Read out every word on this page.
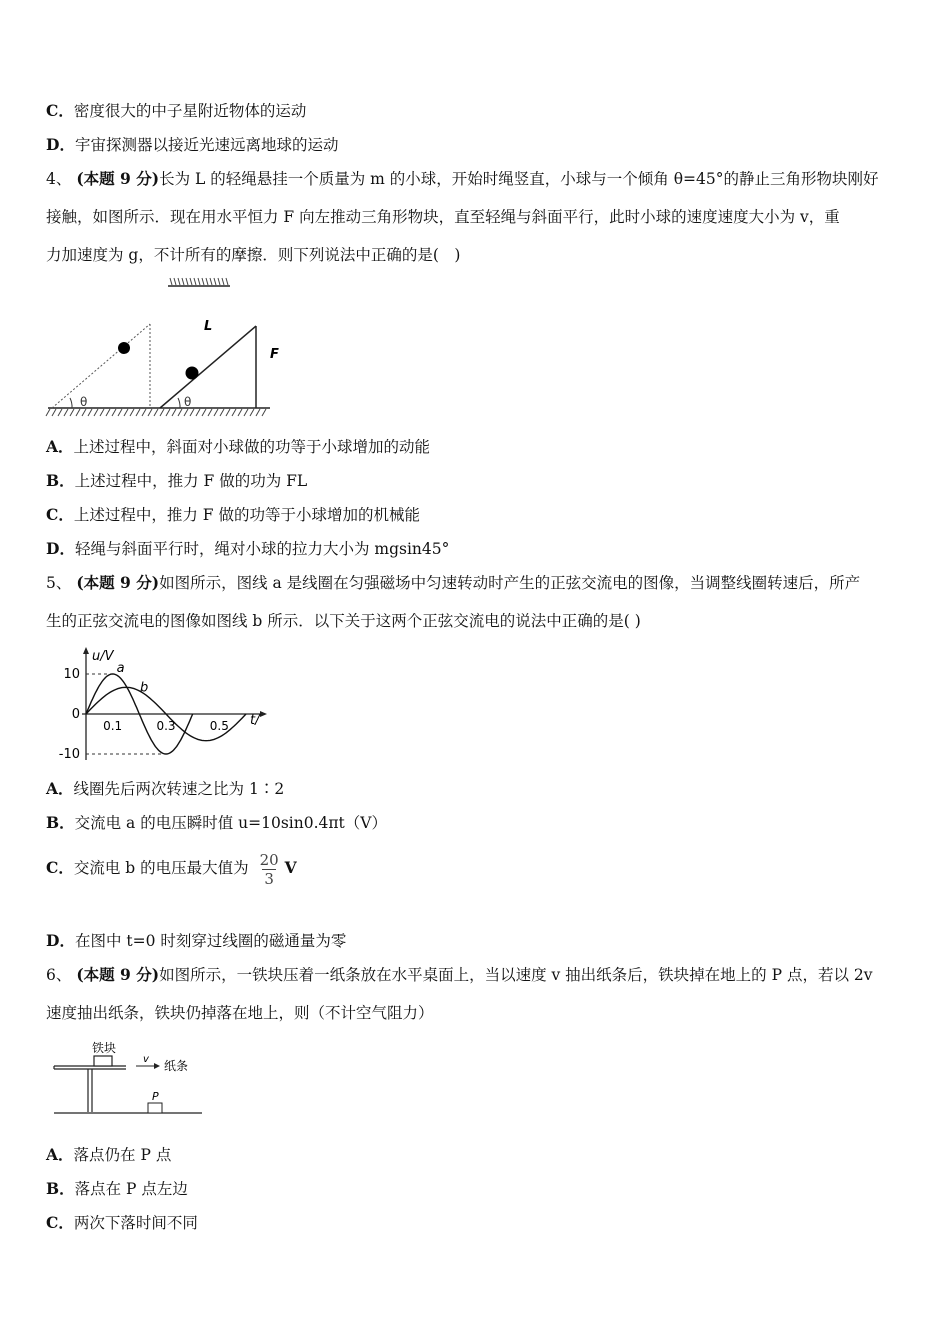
C．密度很大的中子星附近物体的运动
D．宇宙探测器以接近光速远离地球的运动
4、 (本题 9 分)长为 L 的轻绳悬挂一个质量为 m 的小球，开始时绳竖直，小球与一个倾角 θ=45°的静止三角形物块刚好
接触，如图所示．现在用水平恒力 F 向左推动三角形物块，直至轻绳与斜面平行，此时小球的速度速度大小为 v，重
力加速度为 g，不计所有的摩擦．则下列说法中正确的是(　)
θ	θ
L
F
A．上述过程中，斜面对小球做的功等于小球增加的动能
B．上述过程中，推力 F 做的功为 FL
C．上述过程中，推力 F 做的功等于小球增加的机械能
D．轻绳与斜面平行时，绳对小球的拉力大小为 mgsin45°
5、 (本题 9 分)如图所示，图线 a 是线圈在匀强磁场中匀速转动时产生的正弦交流电的图像，当调整线圈转速后，所产
生的正弦交流电的图像如图线 b 所示．以下关于这两个正弦交流电的说法中正确的是( )
10
0
-10
0.1	0.3	0.5
u/V
t/
a
b
A．线圈先后两次转速之比为 1∶2
B．交流电 a 的电压瞬时值 u=10sin0.4πt（V）
C．交流电 b 的电压最大值为 $\frac{20}{3}$ V
D．在图中 t=0 时刻穿过线圈的磁通量为零
6、 (本题 9 分)如图所示，一铁块压着一纸条放在水平桌面上，当以速度 v 抽出纸条后，铁块掉在地上的 P 点，若以 2v
速度抽出纸条，铁块仍掉落在地上，则（不计空气阻力）
铁块
v 纸条
P
A．落点仍在 P 点
B．落点在 P 点左边
C．两次下落时间不同
